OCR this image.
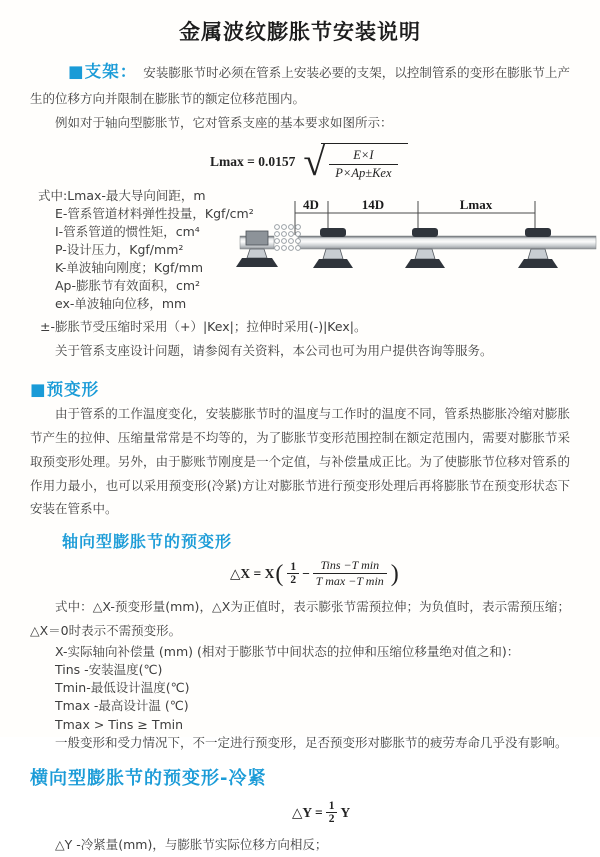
金属波纹膨胀节安装说明

■支架： 安装膨胀节时必须在管系上安装必要的支架，以控制管系的变形在膨胀节上产生的位移方向并限制在膨胀节的额定位移范围内。

例如对于轴向型膨胀节，它对管系支座的基本要求如图所示：

Lmax = 0.0157 √ $\frac{E\times I}{\text{P×Ap±Kex}}$
式中:Lmax-最大导向间距，m
E-管系管道材料弹性投量，Kgf/cm²
I-管系管道的惯性矩，cm⁴
P-设计压力，Kgf/mm²
K-单波轴向刚度；Kgf/mm
Ap-膨胀节有效面积，cm²
ex-单波轴向位移，mm
4D	14D	Lmax

±-膨胀节受压缩时采用（+）|Kex|；拉伸时采用(-)|Kex|。

关于管系支座设计问题，请参阅有关资料，本公司也可为用户提供咨询等服务。

■预变形

由于管系的工作温度变化，安装膨胀节时的温度与工作时的温度不同，管系热膨胀冷缩对膨胀节产生的拉伸、压缩量常常是不均等的，为了膨胀节变形范围控制在额定范围内，需要对膨胀节采取预变形处理。另外，由于膨账节刚度是一个定值，与补偿量成正比。为了使膨胀节位移对管系的作用力最小，也可以采用预变形(冷紧)方让对膨胀节进行预变形处理后再将膨胀节在预变形状态下安装在管系中。

轴向型膨胀节的预变形
△X = X ( $\frac{1}{2}$ −
Tins −T min
T max −T min )

式中：△X-预变形量(mm)，△X为正值时，表示膨张节需预拉伸；为负值时，表示需预压缩；△X＝0时表示不需预变形。

X-实际轴向补偿量 (mm) (相对于膨胀节中间状态的拉伸和压缩位移量绝对值之和)：
Tins -安装温度(℃)
Tmin-最低设计温度(℃)
Tmax -最高设计温 (℃)
Tmax > Tins ≥ Tmin
一般变形和受力情况下，不一定进行预变形，足否预变形对膨胀节的疲劳寿命几乎没有影响。
横向型膨胀节的预变形-冷紧
△Y = $\frac{1}{2}$ Y

△Y -冷紧量(mm)，与膨胀节实际位移方向相反；
